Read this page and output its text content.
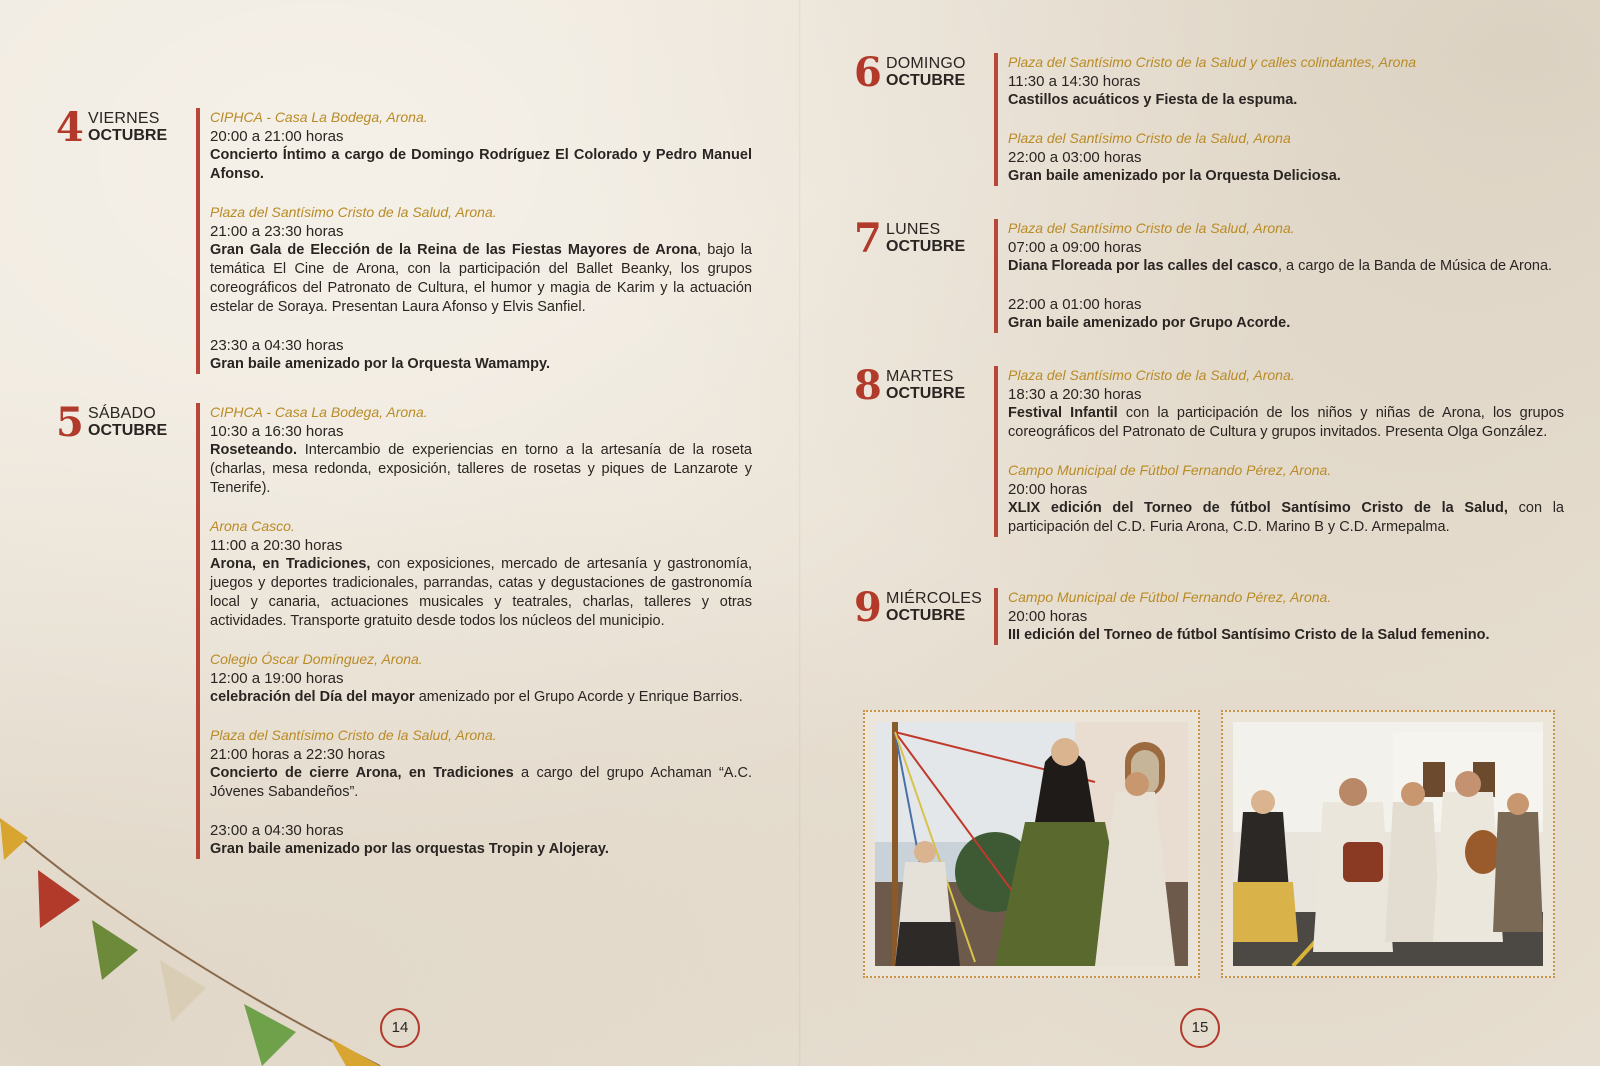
4 VIERNES
OCTUBRE
CIPHCA - Casa La Bodega, Arona.
20:00 a 21:00 horas
Concierto Íntimo a cargo de Domingo Rodríguez El Colorado y Pedro Manuel Afonso.
Plaza del Santísimo Cristo de la Salud, Arona.
21:00 a 23:30 horas
Gran Gala de Elección de la Reina de las Fiestas Mayores de Arona, bajo la temática El Cine de Arona, con la participación del Ballet Beanky, los grupos coreográficos del Patronato de Cultura, el humor y magia de Karim y la actuación estelar de Soraya. Presentan Laura Afonso y Elvis Sanfiel.
23:30 a 04:30 horas
Gran baile amenizado por la Orquesta Wamampy.
5 SÁBADO
OCTUBRE
CIPHCA - Casa La Bodega, Arona.
10:30 a 16:30 horas
Roseteando. Intercambio de experiencias en torno a la artesanía de la roseta (charlas, mesa redonda, exposición, talleres de rosetas y piques de Lanzarote y Tenerife).
Arona Casco.
11:00 a 20:30 horas
Arona, en Tradiciones, con exposiciones, mercado de artesanía y gastronomía, juegos y deportes tradicionales, parrandas, catas y degustaciones de gastronomía local y canaria, actuaciones musicales y teatrales, charlas, talleres y otras actividades. Transporte gratuito desde todos los núcleos del municipio.
Colegio Óscar Domínguez, Arona.
12:00 a 19:00 horas
celebración del Día del mayor amenizado por el Grupo Acorde y Enrique Barrios.
Plaza del Santísimo Cristo de la Salud, Arona.
21:00 horas a 22:30 horas
Concierto de cierre Arona, en Tradiciones a cargo del grupo Achaman “A.C. Jóvenes Sabandeños”.
23:00 a 04:30 horas
Gran baile amenizado por las orquestas Tropin y Alojeray.
6 DOMINGO
OCTUBRE
Plaza del Santísimo Cristo de la Salud y calles colindantes, Arona
11:30 a 14:30 horas
Castillos acuáticos y Fiesta de la espuma.
Plaza del Santísimo Cristo de la Salud, Arona
22:00 a 03:00 horas
Gran baile amenizado por la Orquesta Deliciosa.
7 LUNES
OCTUBRE
Plaza del Santísimo Cristo de la Salud, Arona.
07:00 a 09:00 horas
Diana Floreada por las calles del casco, a cargo de la Banda de Música de Arona.
22:00 a 01:00 horas
Gran baile amenizado por Grupo Acorde.
8 MARTES
OCTUBRE
Plaza del Santísimo Cristo de la Salud, Arona.
18:30 a 20:30 horas
Festival Infantil con la participación de los niños y niñas de Arona, los grupos coreográficos del Patronato de Cultura y grupos invitados. Presenta Olga González.
Campo Municipal de Fútbol Fernando Pérez, Arona.
20:00 horas
XLIX edición del Torneo de fútbol Santísimo Cristo de la Salud, con la participación del C.D. Furia Arona, C.D. Marino B y C.D. Armepalma.
9 MIÉRCOLES
OCTUBRE
Campo Municipal de Fútbol Fernando Pérez, Arona.
20:00 horas
III edición del Torneo de fútbol Santísimo Cristo de la Salud femenino.
14	15
